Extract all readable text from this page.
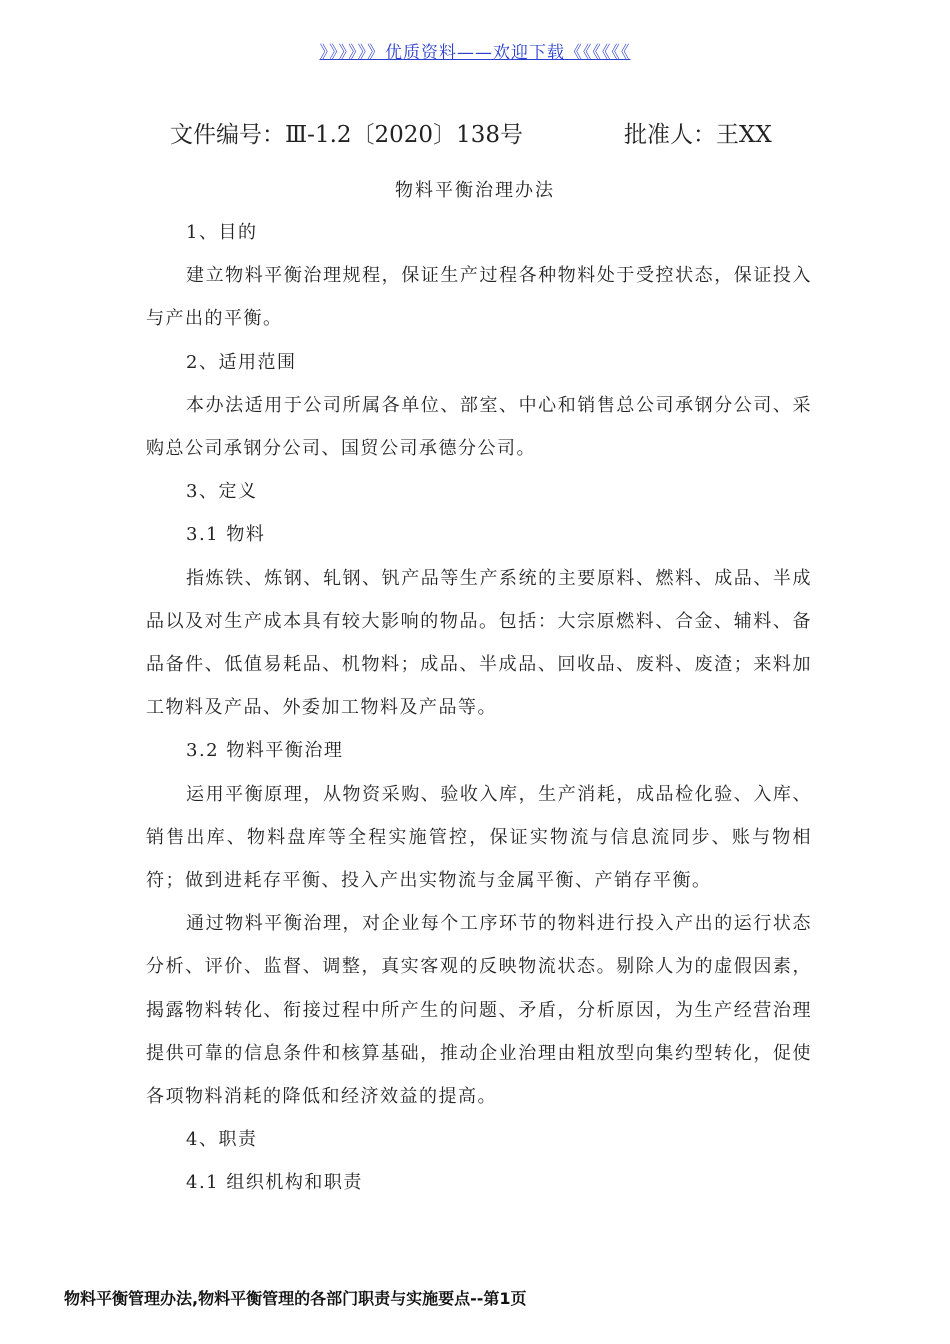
》》》》》》优质资料——欢迎下载《《《《《《
文件编号：Ⅲ-1.2〔2020〕138号	批准人：王XX
物料平衡治理办法

1、目的

建立物料平衡治理规程，保证生产过程各种物料处于受控状态，保证投入与产出的平衡。

2、适用范围

本办法适用于公司所属各单位、部室、中心和销售总公司承钢分公司、采购总公司承钢分公司、国贸公司承德分公司。

3、定义

3.1 物料

指炼铁、炼钢、轧钢、钒产品等生产系统的主要原料、燃料、成品、半成品以及对生产成本具有较大影响的物品。包括：大宗原燃料、合金、辅料、备品备件、低值易耗品、机物料；成品、半成品、回收品、废料、废渣；来料加工物料及产品、外委加工物料及产品等。

3.2 物料平衡治理

运用平衡原理，从物资采购、验收入库，生产消耗，成品检化验、入库、销售出库、物料盘库等全程实施管控，保证实物流与信息流同步、账与物相符；做到进耗存平衡、投入产出实物流与金属平衡、产销存平衡。

通过物料平衡治理，对企业每个工序环节的物料进行投入产出的运行状态分析、评价、监督、调整，真实客观的反映物流状态。剔除人为的虚假因素，揭露物料转化、衔接过程中所产生的问题、矛盾，分析原因，为生产经营治理提供可靠的信息条件和核算基础，推动企业治理由粗放型向集约型转化，促使各项物料消耗的降低和经济效益的提高。

4、职责

4.1 组织机构和职责

物料平衡管理办法,物料平衡管理的各部门职责与实施要点--第1页
